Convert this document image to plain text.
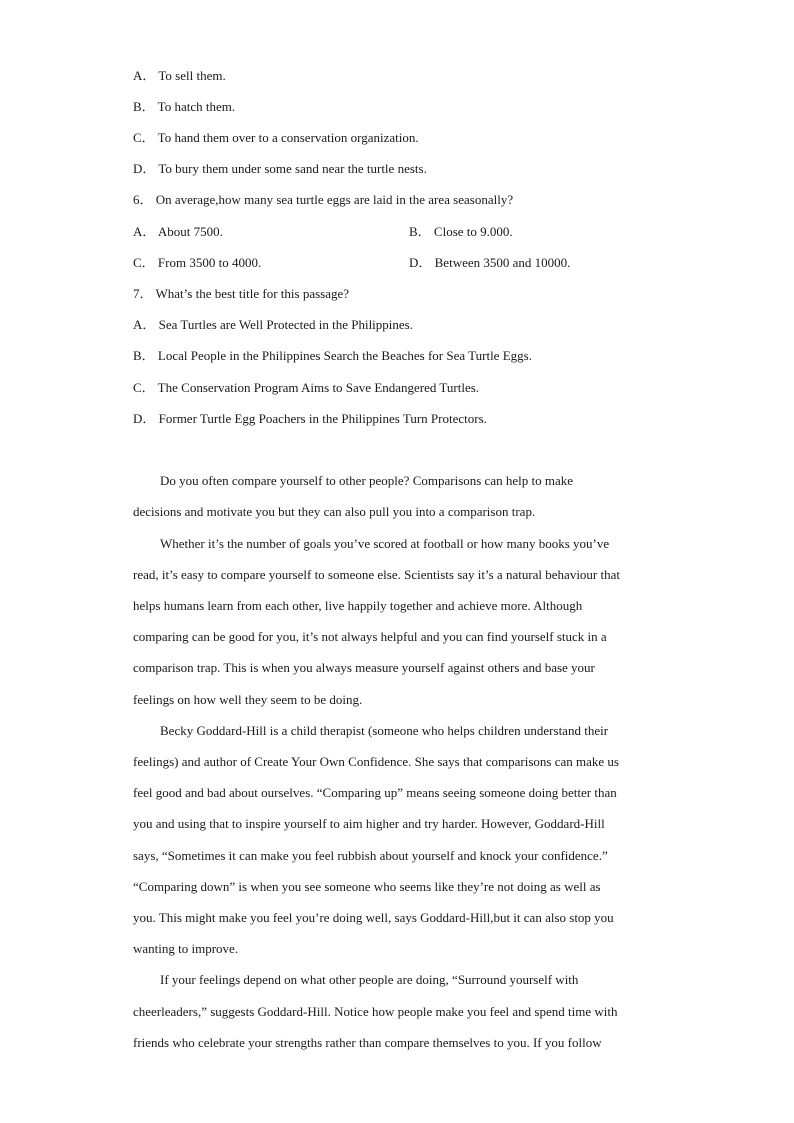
A． To sell them.
B． To hatch them.
C． To hand them over to a conservation organization.
D． To bury them under some sand near the turtle nests.
6． On average,how many sea turtle eggs are laid in the area seasonally?
A． About 7500.	B． Close to 9.000.
C． From 3500 to 4000.	D． Between 3500 and 10000.
7． What’s the best title for this passage?
A． Sea Turtles are Well Protected in the Philippines.
B． Local People in the Philippines Search the Beaches for Sea Turtle Eggs.
C． The Conservation Program Aims to Save Endangered Turtles.
D． Former Turtle Egg Poachers in the Philippines Turn Protectors.
Do you often compare yourself to other people? Comparisons can help to make
decisions and motivate you but they can also pull you into a comparison trap.
Whether it’s the number of goals you’ve scored at football or how many books you’ve
read, it’s easy to compare yourself to someone else. Scientists say it’s a natural behaviour that
helps humans learn from each other, live happily together and achieve more. Although
comparing can be good for you, it’s not always helpful and you can find yourself stuck in a
comparison trap. This is when you always measure yourself against others and base your
feelings on how well they seem to be doing.
Becky Goddard-Hill is a child therapist (someone who helps children understand their
feelings) and author of Create Your Own Confidence. She says that comparisons can make us
feel good and bad about ourselves. “Comparing up” means seeing someone doing better than
you and using that to inspire yourself to aim higher and try harder. However, Goddard-Hill
says, “Sometimes it can make you feel rubbish about yourself and knock your confidence.”
“Comparing down” is when you see someone who seems like they’re not doing as well as
you. This might make you feel you’re doing well, says Goddard-Hill,but it can also stop you
wanting to improve.
If your feelings depend on what other people are doing, “Surround yourself with
cheerleaders,” suggests Goddard-Hill. Notice how people make you feel and spend time with
friends who celebrate your strengths rather than compare themselves to you. If you follow
